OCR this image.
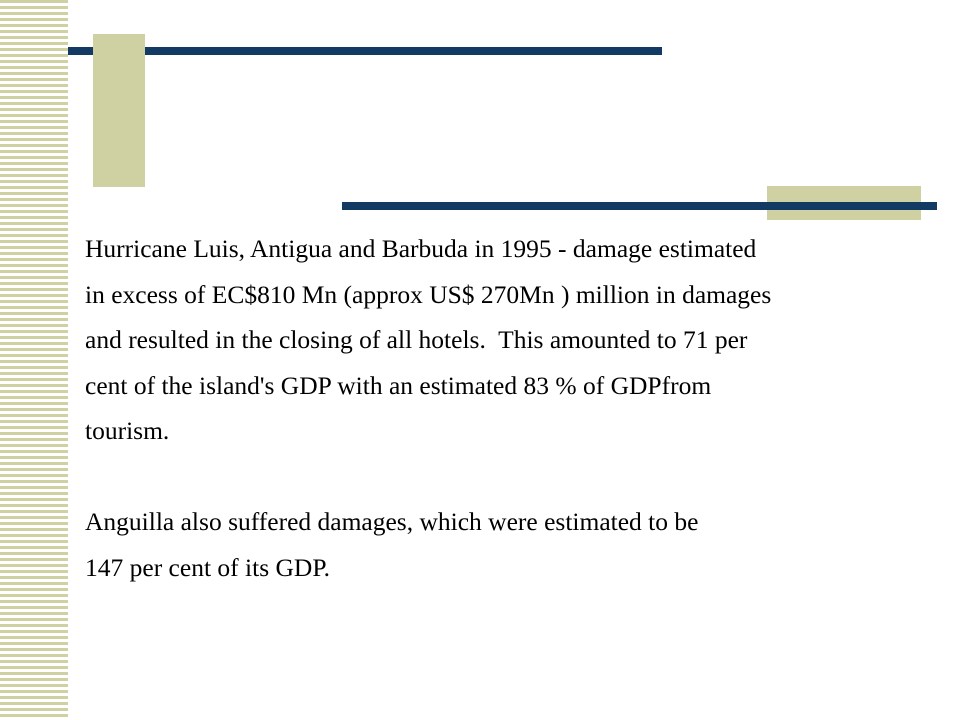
Hurricane Luis, Antigua and Barbuda in 1995 - damage estimated

in excess of EC$810 Mn (approx US$ 270Mn ) million in damages

and resulted in the closing of all hotels.  This amounted to 71 per

cent of the island's GDP with an estimated 83 % of GDPfrom

tourism.

Anguilla also suffered damages, which were estimated to be

147 per cent of its GDP.
